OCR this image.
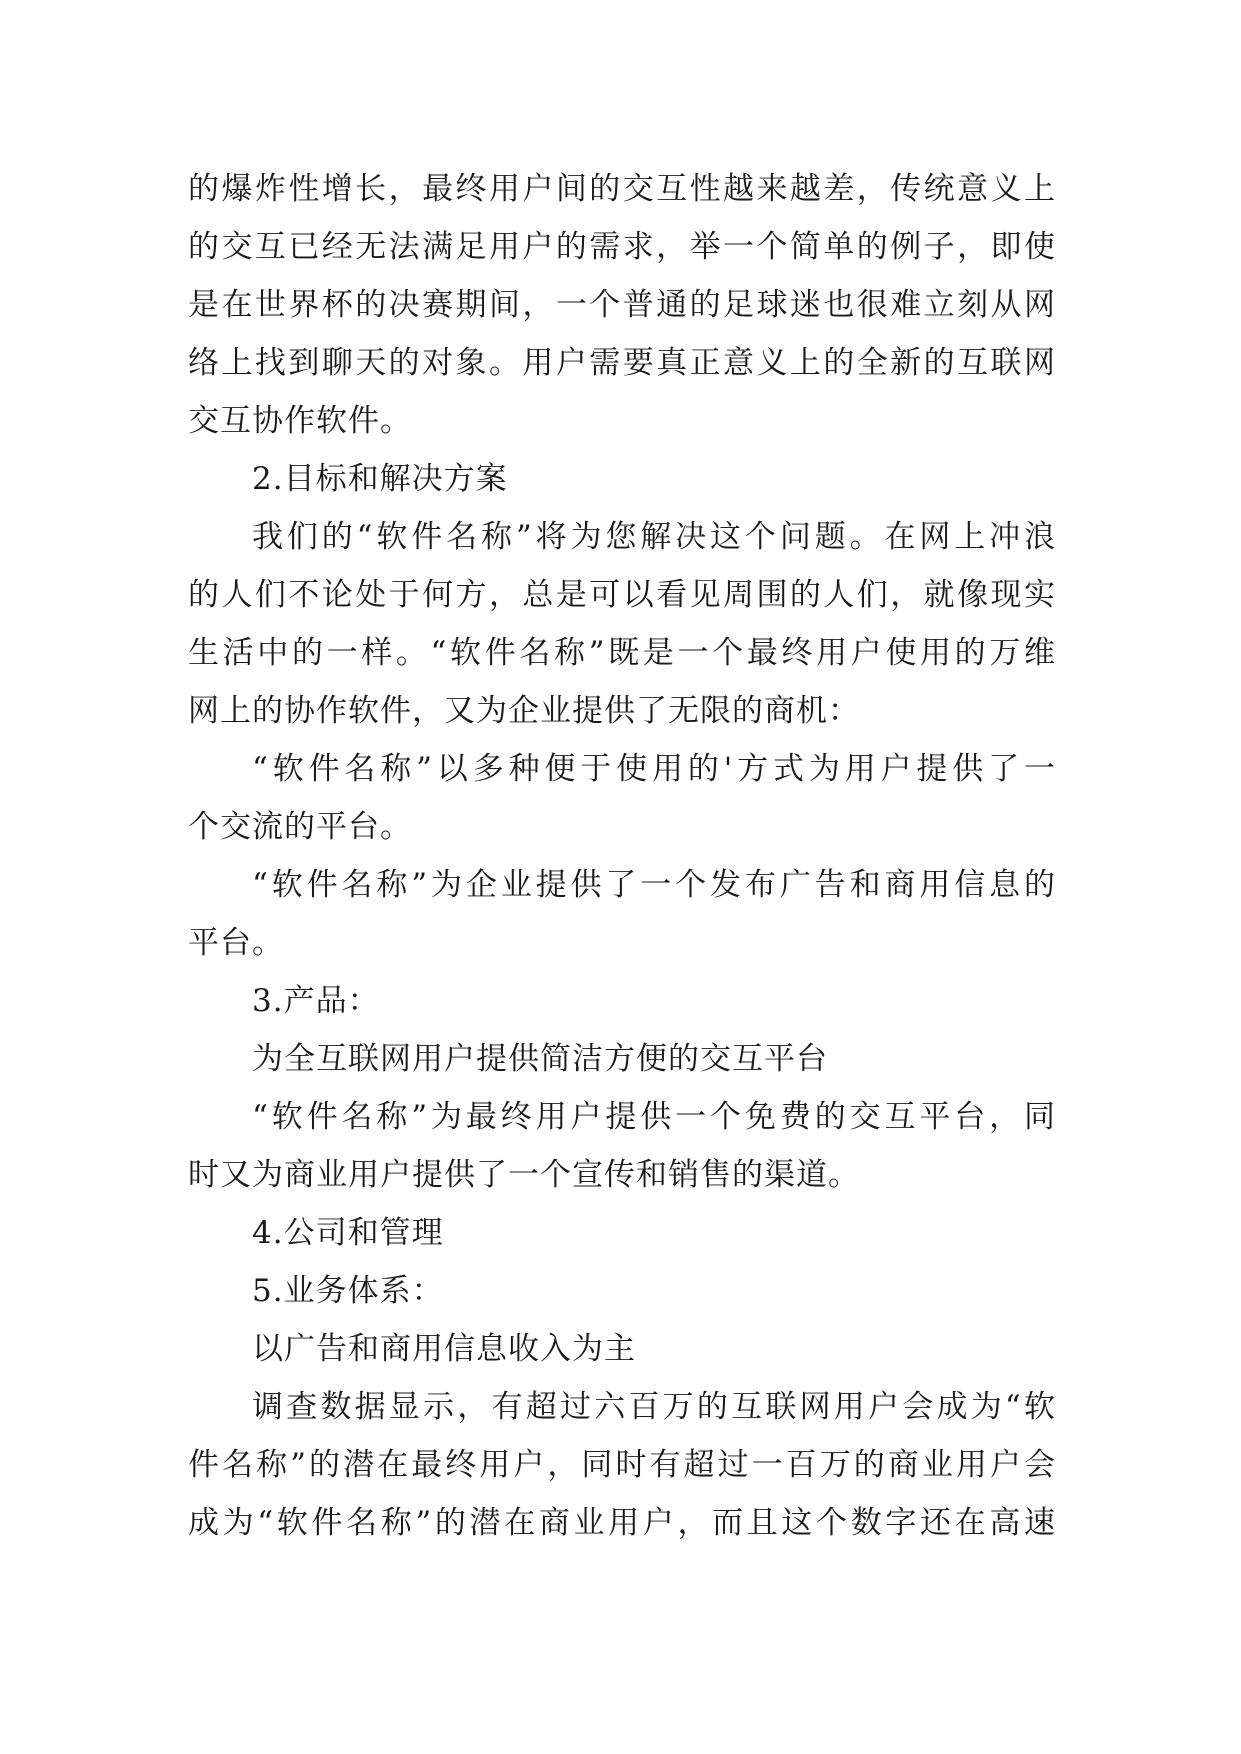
的爆炸性增长，最终用户间的交互性越来越差，传统意义上
的交互已经无法满足用户的需求，举一个简单的例子，即使
是在世界杯的决赛期间，一个普通的足球迷也很难立刻从网
络上找到聊天的对象。用户需要真正意义上的全新的互联网
交互协作软件。
2.目标和解决方案
我们的“软件名称”将为您解决这个问题。在网上冲浪
的人们不论处于何方，总是可以看见周围的人们，就像现实
生活中的一样。“软件名称”既是一个最终用户使用的万维
网上的协作软件，又为企业提供了无限的商机：
“软件名称”以多种便于使用的'方式为用户提供了一
个交流的平台。
“软件名称”为企业提供了一个发布广告和商用信息的
平台。
3.产品：
为全互联网用户提供简洁方便的交互平台
“软件名称”为最终用户提供一个免费的交互平台，同
时又为商业用户提供了一个宣传和销售的渠道。
4.公司和管理
5.业务体系：
以广告和商用信息收入为主
调查数据显示，有超过六百万的互联网用户会成为“软
件名称”的潜在最终用户，同时有超过一百万的商业用户会
成为“软件名称”的潜在商业用户，而且这个数字还在高速
